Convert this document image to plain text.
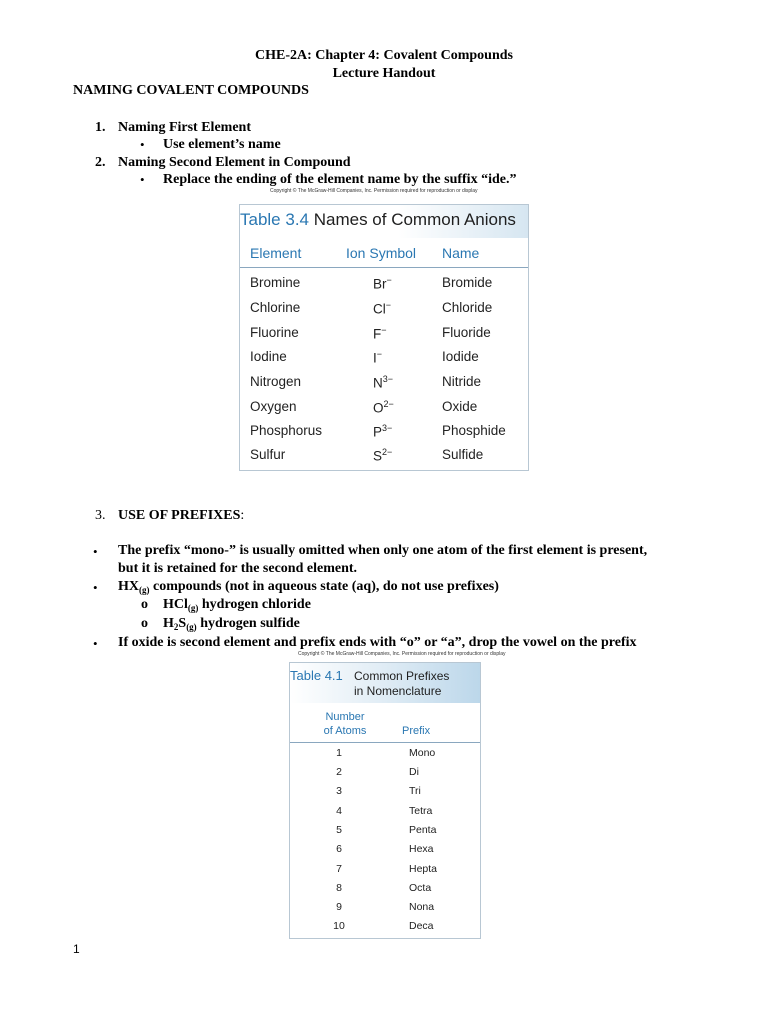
CHE-2A: Chapter 4: Covalent Compounds
Lecture Handout
NAMING COVALENT COMPOUNDS
1. Naming First Element
• Use element’s name
2. Naming Second Element in Compound
• Replace the ending of the element name by the suffix “ide.”
Copyright © The McGraw-Hill Companies, Inc. Permission required for reproduction or display
Table 3.4 Names of Common Anions
Element	Ion Symbol Name
Bromine	Br−	Bromide
Chlorine	Cl−	Chloride
Fluorine	F−	Fluoride
Iodine	I−	Iodide
Nitrogen	$N^{3-}$	Nitride
Oxygen	$O^{2-}$	Oxide
Phosphorus	$P^{3-}$	Phosphide
Sulfur	$S^{2-}$	Sulfide
3. USE OF PREFIXES:
• The prefix “mono-” is usually omitted when only one atom of the first element is present,
but it is retained for the second element.
• $HX_{(g)}$ compounds (not in aqueous state (aq), do not use prefixes)
o HCl$_{(g)}$ hydrogen chloride
o $H_2S_{(g)}$ hydrogen sulfide
• If oxide is second element and prefix ends with “o” or “a”, drop the vowel on the prefix
Copyright © The McGraw-Hill Companies, Inc. Permission required for reproduction or display
Table 4.1 Common Prefixes
in Nomenclature
Number
of Atoms	Prefix
1	Mono
2	Di
3	Tri
4	Tetra
5	Penta
6	Hexa
7	Hepta
8	Octa
9	Nona
10	Deca
1
